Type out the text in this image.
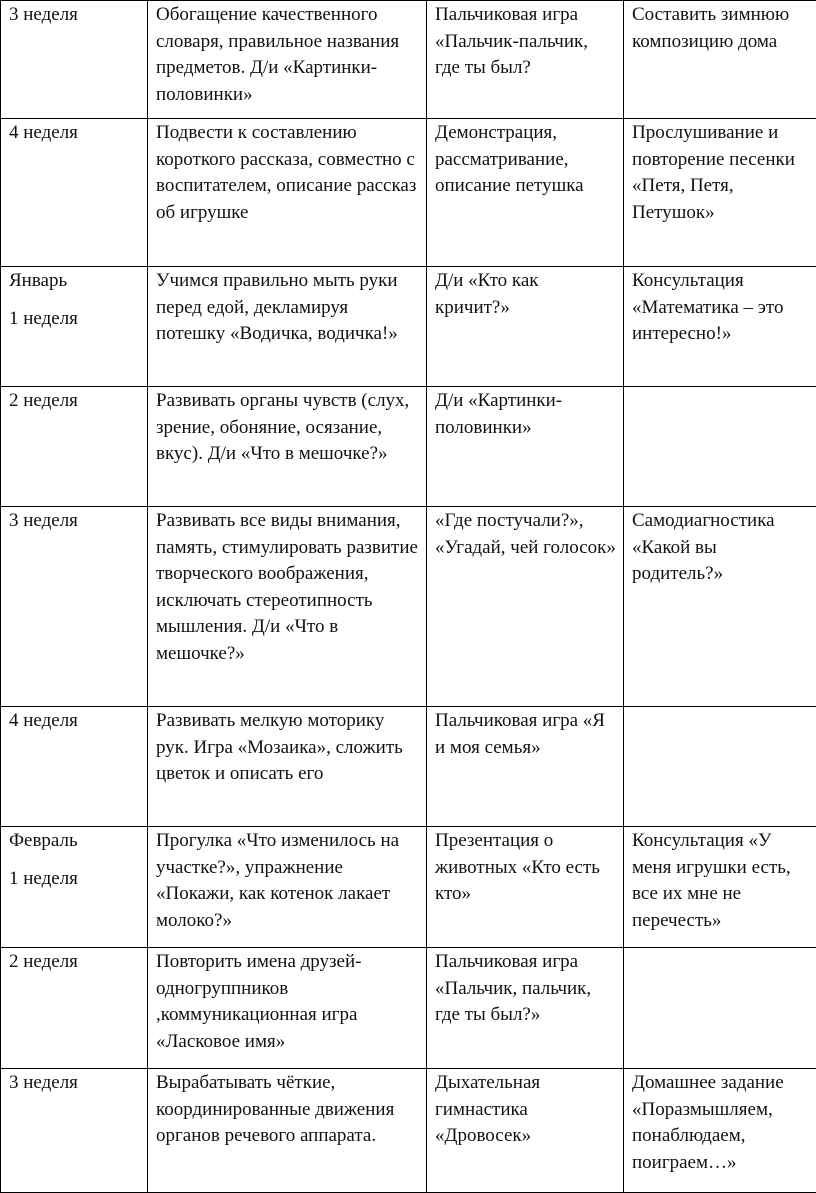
3 неделя	Обогащение качественного словаря, правильное названия предметов. Д/и «Картинки-половинки»	Пальчиковая игра «Пальчик-пальчик, где ты был?	Составить зимнюю композицию дома

4 неделя	Подвести к составлению короткого рассказа, совместно с воспитателем, описание рассказ об игрушке	Демонстрация, рассматривание, описание петушка	Прослушивание и повторение песенки «Петя, Петя, Петушок»

Январь
1 неделя	Учимся правильно мыть руки перед едой, декламируя потешку «Водичка, водичка!»	Д/и «Кто как кричит?»	Консультация «Математика – это интересно!»

2 неделя	Развивать органы чувств (слух, зрение, обоняние, осязание, вкус). Д/и «Что в мешочке?»	Д/и «Картинки-половинки»	

3 неделя	Развивать все виды внимания, память, стимулировать развитие творческого воображения, исключать стереотипность мышления. Д/и «Что в мешочке?»	«Где постучали?», «Угадай, чей голосок»	Самодиагностика «Какой вы родитель?»

4 неделя	Развивать мелкую моторику рук. Игра «Мозаика», сложить цветок и описать его	Пальчиковая игра «Я и моя семья»	

Февраль
1 неделя	Прогулка «Что изменилось на участке?», упражнение «Покажи, как котенок лакает молоко?»	Презентация о животных «Кто есть кто»	Консультация «У меня игрушки есть, все их мне не перечесть»

2 неделя	Повторить имена друзей-одногруппников ,коммуникационная игра «Ласковое имя»	Пальчиковая игра «Пальчик, пальчик, где ты был?»	

3 неделя	Вырабатывать чёткие, координированные движения органов речевого аппарата.	Дыхательная гимнастика «Дровосек»	Домашнее задание «Поразмышляем, понаблюдаем, поиграем…»
